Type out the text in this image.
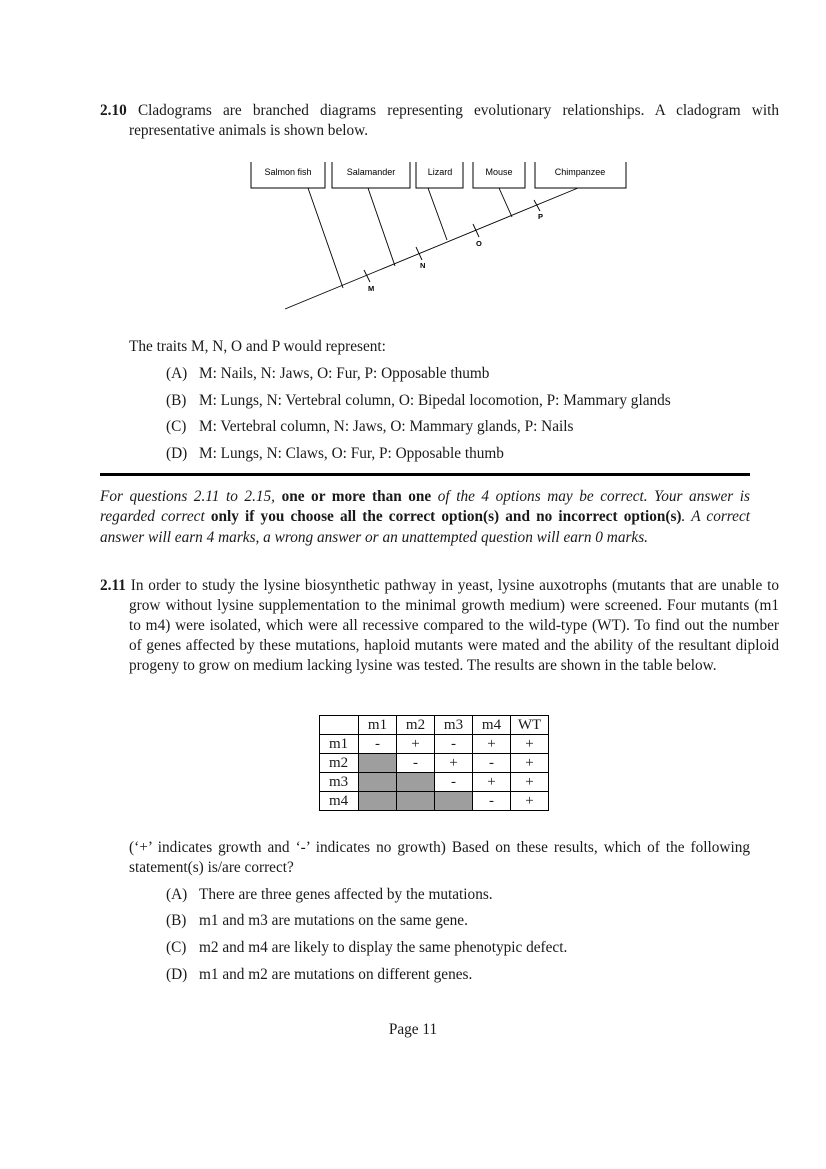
2.10 Cladograms are branched diagrams representing evolutionary relationships. A cladogram with representative animals is shown below.
Salmon fish	Salamander	Lizard	Mouse	Chimpanzee
M
N
O
P
The traits M, N, O and P would represent:
(A) M: Nails, N: Jaws, O: Fur, P: Opposable thumb
(B) M: Lungs, N: Vertebral column, O: Bipedal locomotion, P: Mammary glands
(C) M: Vertebral column, N: Jaws, O: Mammary glands, P: Nails
(D) M: Lungs, N: Claws, O: Fur, P: Opposable thumb
For questions 2.11 to 2.15, one or more than one of the 4 options may be correct. Your answer is regarded correct only if you choose all the correct option(s) and no incorrect option(s). A correct answer will earn 4 marks, a wrong answer or an unattempted question will earn 0 marks.
2.11 In order to study the lysine biosynthetic pathway in yeast, lysine auxotrophs (mutants that are unable to grow without lysine supplementation to the minimal growth medium) were screened. Four mutants (m1 to m4) were isolated, which were all recessive compared to the wild-type (WT). To find out the number of genes affected by these mutations, haploid mutants were mated and the ability of the resultant diploid progeny to grow on medium lacking lysine was tested. The results are shown in the table below.
	m1	m2	m3	m4	WT
m1	-	+	-	+	+
m2		-	+	-	+
m3			-	+	+
m4				-	+
(‘+’ indicates growth and ‘-’ indicates no growth) Based on these results, which of the following statement(s) is/are correct?
(A) There are three genes affected by the mutations.
(B) m1 and m3 are mutations on the same gene.
(C) m2 and m4 are likely to display the same phenotypic defect.
(D) m1 and m2 are mutations on different genes.
Page 11
